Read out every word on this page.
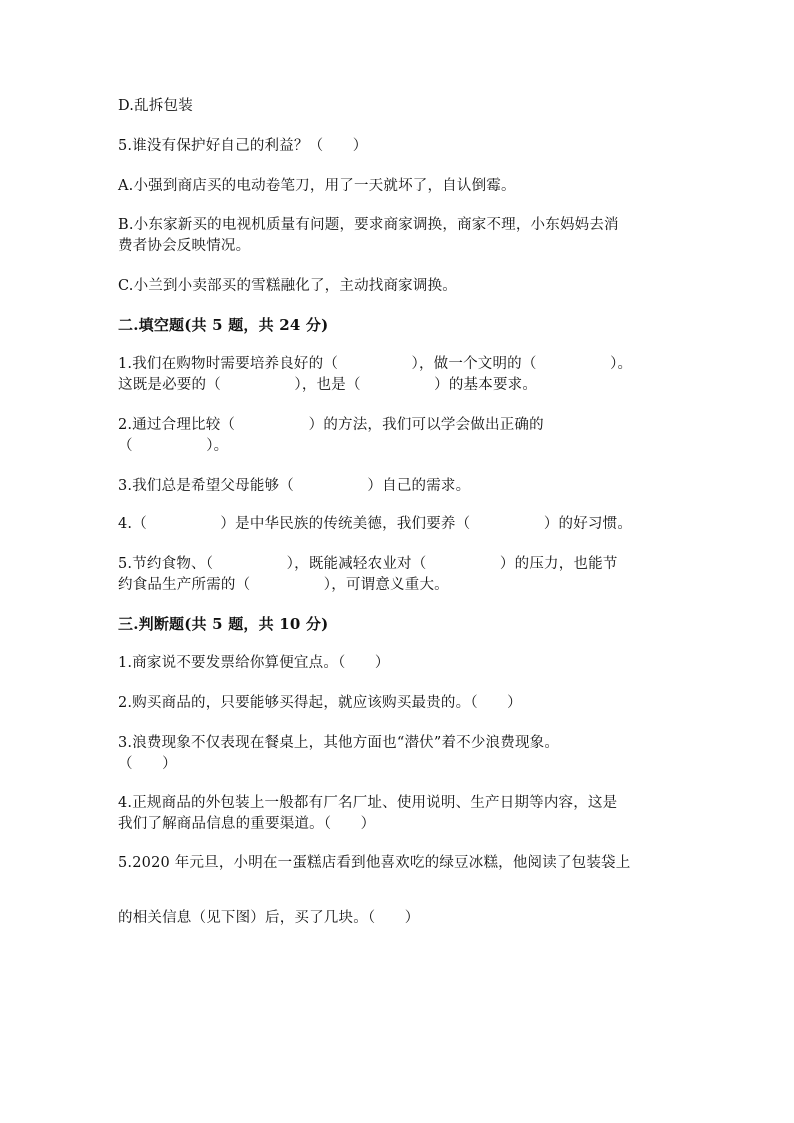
D.乱拆包装
5.谁没有保护好自己的利益？（　　）
A.小强到商店买的电动卷笔刀，用了一天就坏了，自认倒霉。
B.小东家新买的电视机质量有问题，要求商家调换，商家不理，小东妈妈去消
费者协会反映情况。
C.小兰到小卖部买的雪糕融化了，主动找商家调换。
二.填空题(共 5 题，共 24 分)
1.我们在购物时需要培养良好的（　　　　　），做一个文明的（　　　　　）。
这既是必要的（　　　　　），也是（　　　　　）的基本要求。
2.通过合理比较（　　　　　）的方法，我们可以学会做出正确的
（　　　　　）。
3.我们总是希望父母能够（　　　　　）自己的需求。
4.（　　　　　）是中华民族的传统美德，我们要养（　　　　　）的好习惯。
5.节约食物、（　　　　　），既能减轻农业对（　　　　　）的压力，也能节
约食品生产所需的（　　　　　），可谓意义重大。
三.判断题(共 5 题，共 10 分)
1.商家说不要发票给你算便宜点。（　　）
2.购买商品的，只要能够买得起，就应该购买最贵的。（　　）
3.浪费现象不仅表现在餐桌上，其他方面也“潜伏”着不少浪费现象。
（　　）
4.正规商品的外包装上一般都有厂名厂址、使用说明、生产日期等内容，这是
我们了解商品信息的重要渠道。（　　）
5.2020 年元旦，小明在一蛋糕店看到他喜欢吃的绿豆冰糕，他阅读了包装袋上
的相关信息（见下图）后，买了几块。（　　）
